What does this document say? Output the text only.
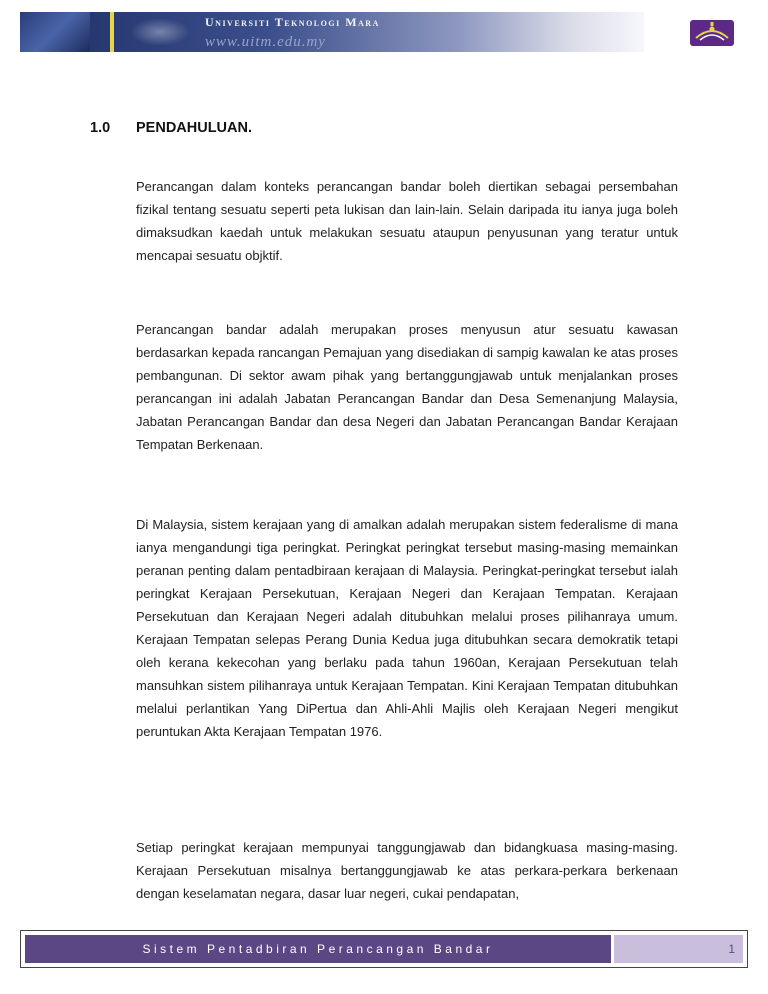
Universiti Teknologi Mara
www.uitm.edu.my
1.0 PENDAHULUAN.
Perancangan dalam konteks perancangan bandar boleh diertikan sebagai persembahan fizikal tentang sesuatu seperti peta lukisan dan lain-lain. Selain daripada itu ianya juga boleh dimaksudkan kaedah untuk melakukan sesuatu ataupun penyusunan yang teratur untuk mencapai sesuatu objktif.
Perancangan bandar adalah merupakan proses menyusun atur sesuatu kawasan berdasarkan kepada rancangan Pemajuan yang disediakan di sampig kawalan ke atas proses pembangunan. Di sektor awam pihak yang bertanggungjawab untuk menjalankan proses perancangan ini adalah Jabatan Perancangan Bandar dan Desa Semenanjung Malaysia, Jabatan Perancangan Bandar dan desa Negeri dan Jabatan Perancangan Bandar Kerajaan Tempatan Berkenaan.
Di Malaysia, sistem kerajaan yang di amalkan adalah merupakan sistem federalisme di mana ianya mengandungi tiga peringkat. Peringkat peringkat tersebut masing-masing memainkan peranan penting dalam pentadbiraan kerajaan di Malaysia. Peringkat-peringkat tersebut ialah peringkat Kerajaan Persekutuan, Kerajaan Negeri dan Kerajaan Tempatan. Kerajaan Persekutuan dan Kerajaan Negeri adalah ditubuhkan melalui proses pilihanraya umum. Kerajaan Tempatan selepas Perang Dunia Kedua juga ditubuhkan secara demokratik tetapi oleh kerana kekecohan yang berlaku pada tahun 1960an, Kerajaan Persekutuan telah mansuhkan sistem pilihanraya untuk Kerajaan Tempatan. Kini Kerajaan Tempatan ditubuhkan melalui perlantikan Yang DiPertua dan Ahli-Ahli Majlis oleh Kerajaan Negeri mengikut peruntukan Akta Kerajaan Tempatan 1976.
Setiap peringkat kerajaan mempunyai tanggungjawab dan bidangkuasa masing-masing. Kerajaan Persekutuan misalnya bertanggungjawab ke atas perkara-perkara berkenaan dengan keselamatan negara, dasar luar negeri, cukai pendapatan,
Sistem Pentadbiran Perancangan Bandar	1
